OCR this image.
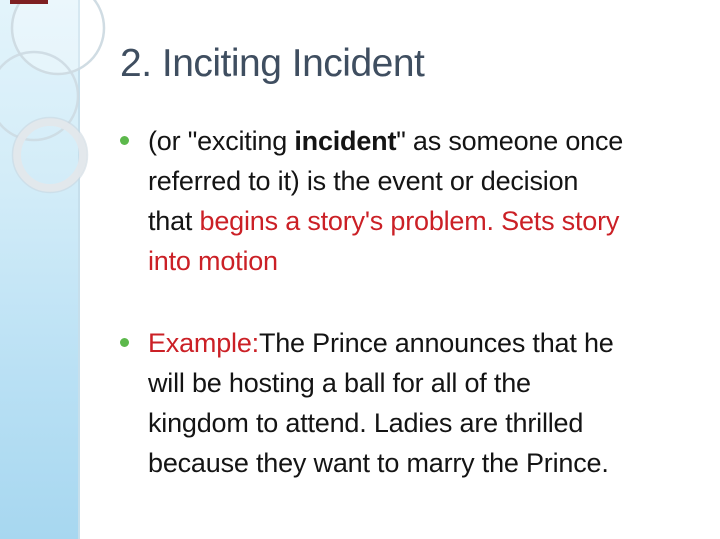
2. Inciting Incident
(or "exciting incident" as someone once
referred to it) is the event or decision
that begins a story's problem. Sets story
into motion
Example:The Prince announces that he
will be hosting a ball for all of the
kingdom to attend. Ladies are thrilled
because they want to marry the Prince.
